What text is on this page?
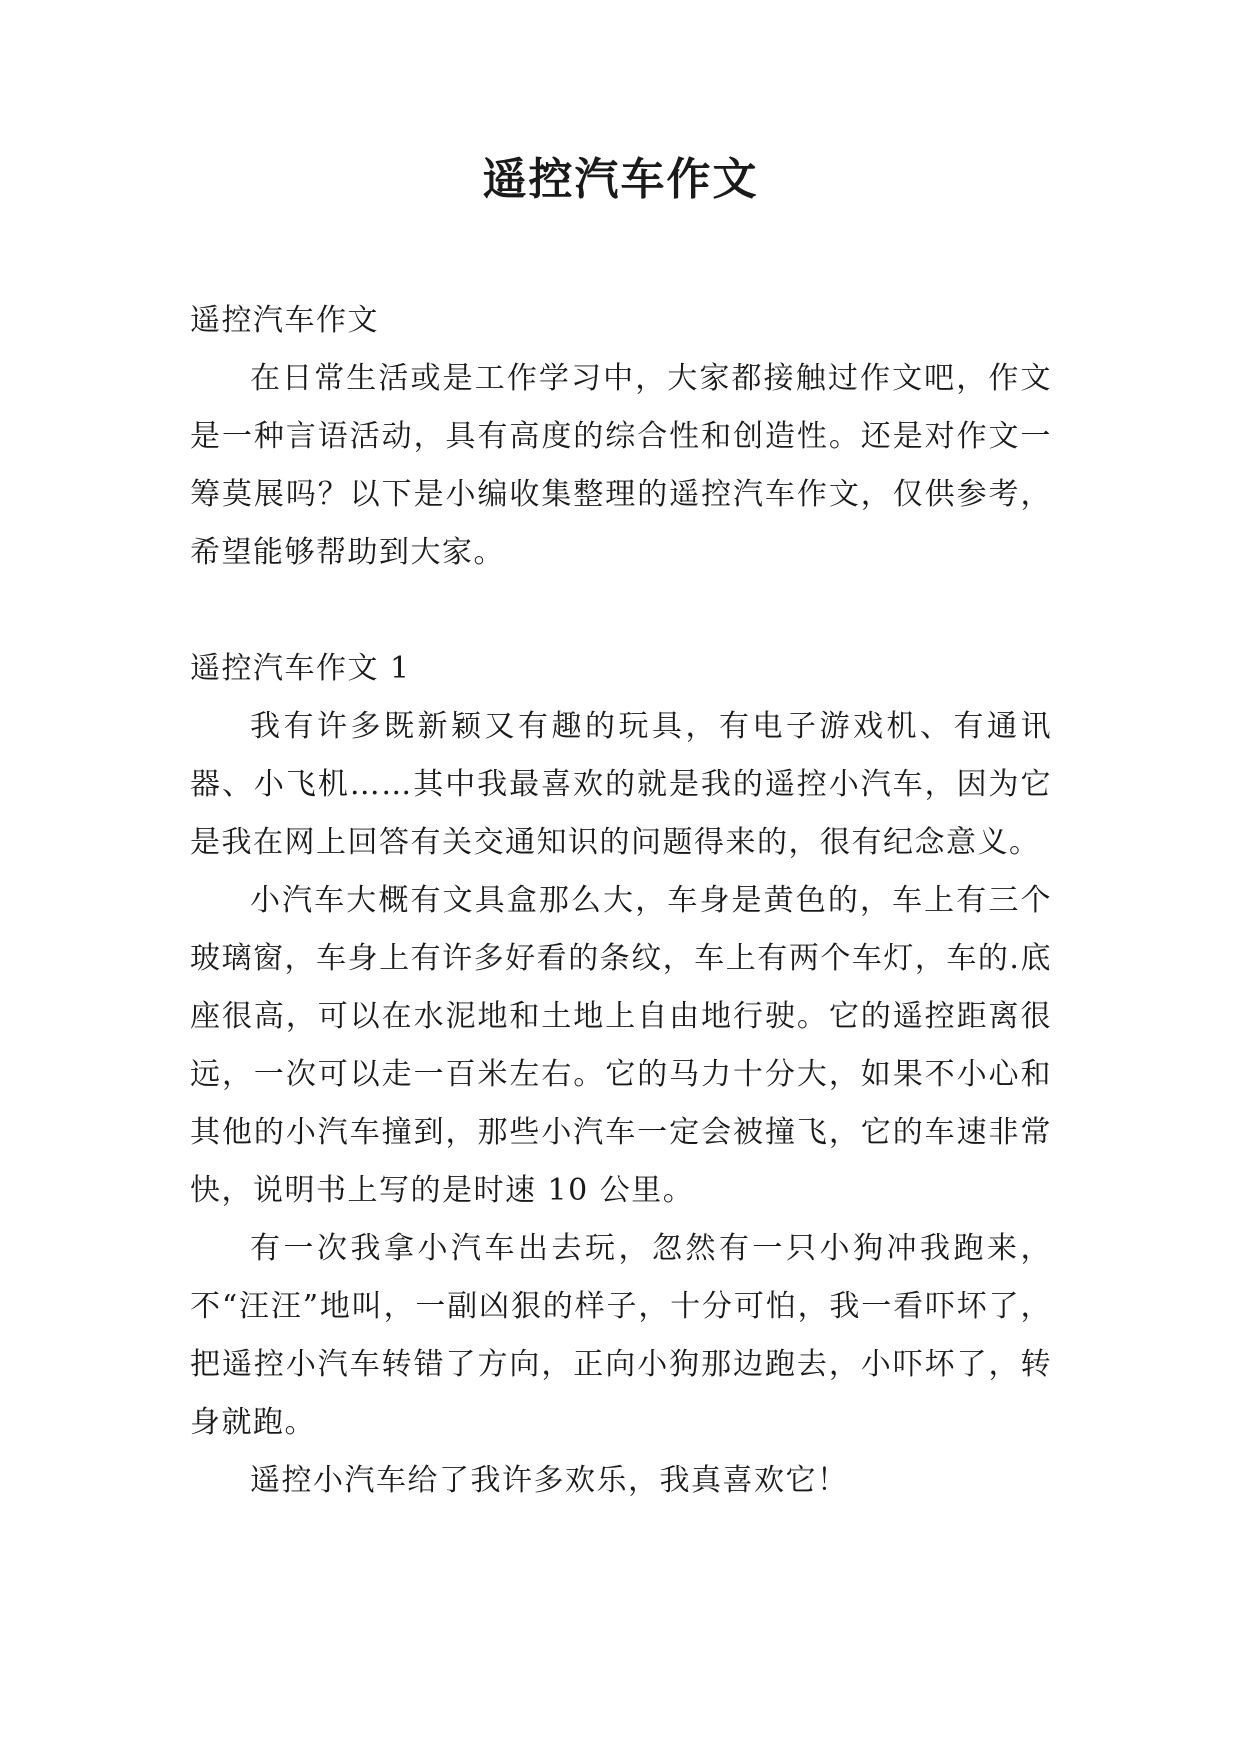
遥控汽车作文

遥控汽车作文

在日常生活或是工作学习中，大家都接触过作文吧，作文是一种言语活动，具有高度的综合性和创造性。还是对作文一筹莫展吗？以下是小编收集整理的遥控汽车作文，仅供参考，希望能够帮助到大家。

遥控汽车作文 1

我有许多既新颖又有趣的玩具，有电子游戏机、有通讯器、小飞机……其中我最喜欢的就是我的遥控小汽车，因为它是我在网上回答有关交通知识的问题得来的，很有纪念意义。

小汽车大概有文具盒那么大，车身是黄色的，车上有三个玻璃窗，车身上有许多好看的条纹，车上有两个车灯，车的.底座很高，可以在水泥地和土地上自由地行驶。它的遥控距离很远，一次可以走一百米左右。它的马力十分大，如果不小心和其他的小汽车撞到，那些小汽车一定会被撞飞，它的车速非常快，说明书上写的是时速 10 公里。

有一次我拿小汽车出去玩，忽然有一只小狗冲我跑来，不“汪汪”地叫，一副凶狠的样子，十分可怕，我一看吓坏了，把遥控小汽车转错了方向，正向小狗那边跑去，小吓坏了，转身就跑。

遥控小汽车给了我许多欢乐，我真喜欢它！
